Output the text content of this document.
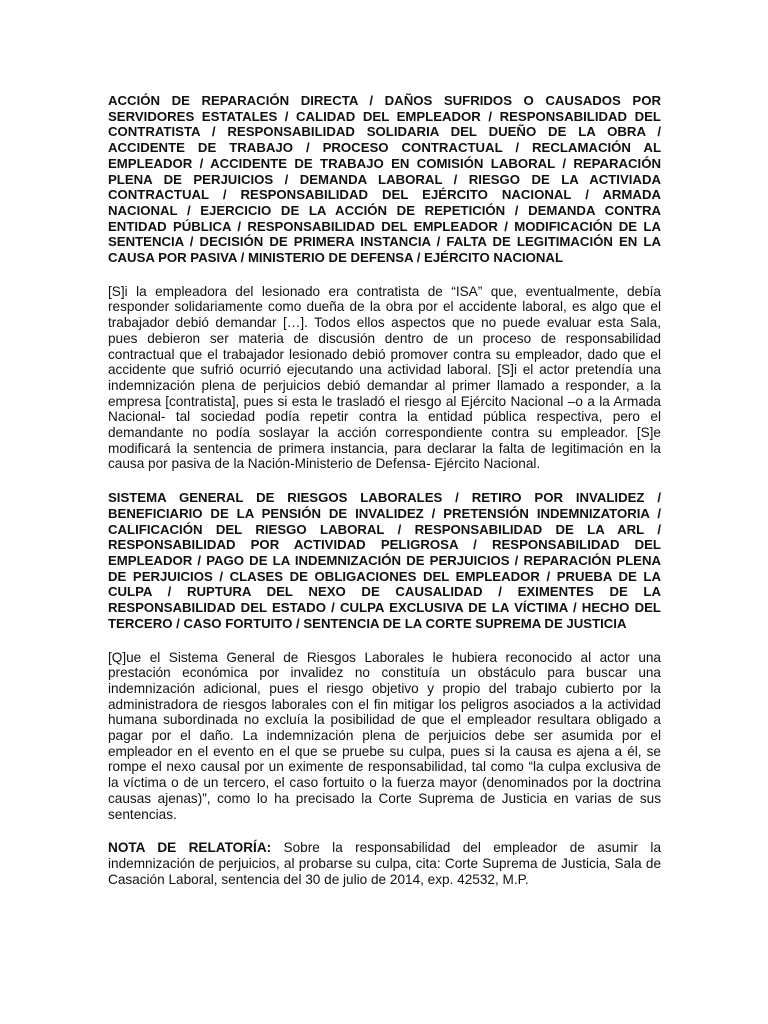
ACCIÓN DE REPARACIÓN DIRECTA / DAÑOS SUFRIDOS O CAUSADOS POR SERVIDORES ESTATALES / CALIDAD DEL EMPLEADOR / RESPONSABILIDAD DEL CONTRATISTA / RESPONSABILIDAD SOLIDARIA DEL DUEÑO DE LA OBRA / ACCIDENTE DE TRABAJO / PROCESO CONTRACTUAL / RECLAMACIÓN AL EMPLEADOR / ACCIDENTE DE TRABAJO EN COMISIÓN LABORAL / REPARACIÓN PLENA DE PERJUICIOS / DEMANDA LABORAL / RIESGO DE LA ACTIVIADA CONTRACTUAL / RESPONSABILIDAD DEL EJÉRCITO NACIONAL / ARMADA NACIONAL / EJERCICIO DE LA ACCIÓN DE REPETICIÓN / DEMANDA CONTRA ENTIDAD PÚBLICA / RESPONSABILIDAD DEL EMPLEADOR / MODIFICACIÓN DE LA SENTENCIA / DECISIÓN DE PRIMERA INSTANCIA / FALTA DE LEGITIMACIÓN EN LA CAUSA POR PASIVA / MINISTERIO DE DEFENSA / EJÉRCITO NACIONAL
[S]i la empleadora del lesionado era contratista de “ISA” que, eventualmente, debía responder solidariamente como dueña de la obra por el accidente laboral, es algo que el trabajador debió demandar […]. Todos ellos aspectos que no puede evaluar esta Sala, pues debieron ser materia de discusión dentro de un proceso de responsabilidad contractual que el trabajador lesionado debió promover contra su empleador, dado que el accidente que sufrió ocurrió ejecutando una actividad laboral. [S]i el actor pretendía una indemnización plena de perjuicios debió demandar al primer llamado a responder, a la empresa [contratista], pues si esta le trasladó el riesgo al Ejército Nacional –o a la Armada Nacional- tal sociedad podía repetir contra la entidad pública respectiva, pero el demandante no podía soslayar la acción correspondiente contra su empleador. [S]e modificará la sentencia de primera instancia, para declarar la falta de legitimación en la causa por pasiva de la Nación-Ministerio de Defensa- Ejército Nacional.
SISTEMA GENERAL DE RIESGOS LABORALES / RETIRO POR INVALIDEZ / BENEFICIARIO DE LA PENSIÓN DE INVALIDEZ / PRETENSIÓN INDEMNIZATORIA / CALIFICACIÓN DEL RIESGO LABORAL / RESPONSABILIDAD DE LA ARL / RESPONSABILIDAD POR ACTIVIDAD PELIGROSA / RESPONSABILIDAD DEL EMPLEADOR / PAGO DE LA INDEMNIZACIÓN DE PERJUICIOS / REPARACIÓN PLENA DE PERJUICIOS / CLASES DE OBLIGACIONES DEL EMPLEADOR / PRUEBA DE LA CULPA / RUPTURA DEL NEXO DE CAUSALIDAD / EXIMENTES DE LA RESPONSABILIDAD DEL ESTADO / CULPA EXCLUSIVA DE LA VÍCTIMA / HECHO DEL TERCERO / CASO FORTUITO / SENTENCIA DE LA CORTE SUPREMA DE JUSTICIA
[Q]ue el Sistema General de Riesgos Laborales le hubiera reconocido al actor una prestación económica por invalidez no constituía un obstáculo para buscar una indemnización adicional, pues el riesgo objetivo y propio del trabajo cubierto por la administradora de riesgos laborales con el fin mitigar los peligros asociados a la actividad humana subordinada no excluía la posibilidad de que el empleador resultara obligado a pagar por el daño. La indemnización plena de perjuicios debe ser asumida por el empleador en el evento en el que se pruebe su culpa, pues si la causa es ajena a él, se rompe el nexo causal por un eximente de responsabilidad, tal como “la culpa exclusiva de la víctima o de un tercero, el caso fortuito o la fuerza mayor (denominados por la doctrina causas ajenas)”, como lo ha precisado la Corte Suprema de Justicia en varias de sus sentencias.
NOTA DE RELATORÍA: Sobre la responsabilidad del empleador de asumir la indemnización de perjuicios, al probarse su culpa, cita: Corte Suprema de Justicia, Sala de Casación Laboral, sentencia del 30 de julio de 2014, exp. 42532, M.P.
